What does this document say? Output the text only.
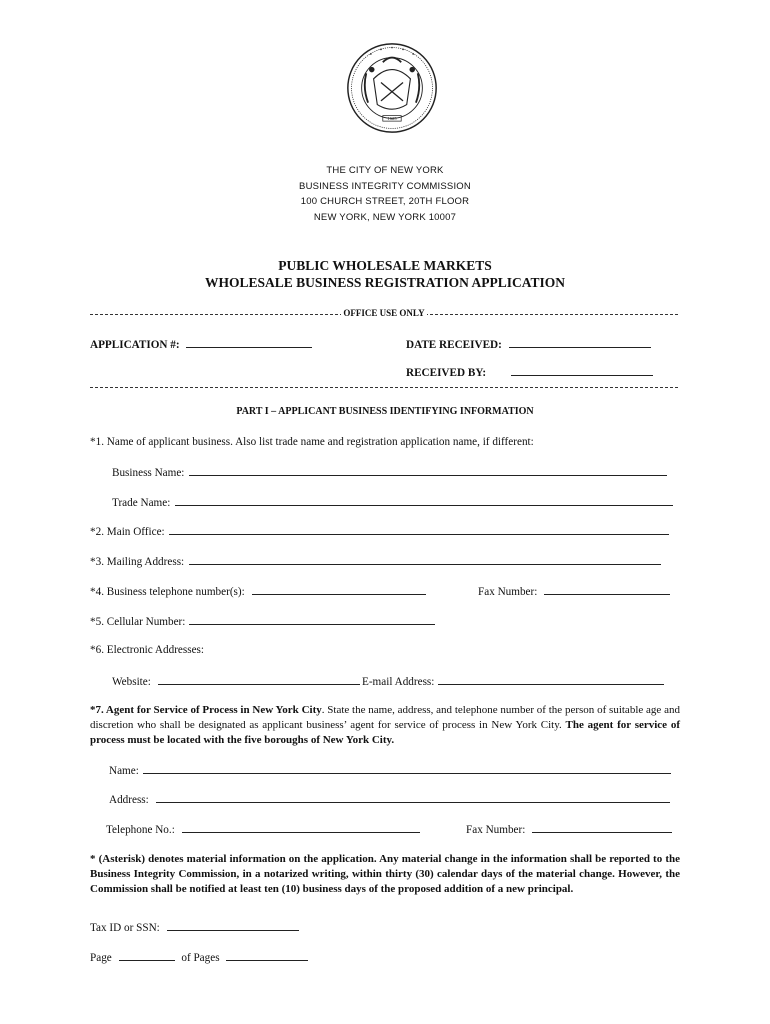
1625
THE CITY OF NEW YORK
BUSINESS INTEGRITY COMMISSION
100 CHURCH STREET, 20TH FLOOR
NEW YORK, NEW YORK 10007
PUBLIC WHOLESALE MARKETS
WHOLESALE BUSINESS REGISTRATION APPLICATION
OFFICE USE ONLY
APPLICATION #:	DATE RECEIVED:
RECEIVED BY:
PART I – APPLICANT BUSINESS IDENTIFYING INFORMATION
*1. Name of applicant business. Also list trade name and registration application name, if different:
Business Name:
Trade Name:
*2. Main Office:
*3. Mailing Address:
*4. Business telephone number(s):	Fax Number:
*5. Cellular Number:
*6. Electronic Addresses:
Website:	E-mail Address:
*7. Agent for Service of Process in New York City. State the name, address, and telephone number of the person of suitable age and discretion who shall be designated as applicant business’ agent for service of process in New York City. The agent for service of process must be located with the five boroughs of New York City.
Name:
Address:
Telephone No.:	Fax Number:
* (Asterisk) denotes material information on the application. Any material change in the information shall be reported to the Business Integrity Commission, in a notarized writing, within thirty (30) calendar days of the material change. However, the Commission shall be notified at least ten (10) business days of the proposed addition of a new principal.
Tax ID or SSN:
Page	of Pages
